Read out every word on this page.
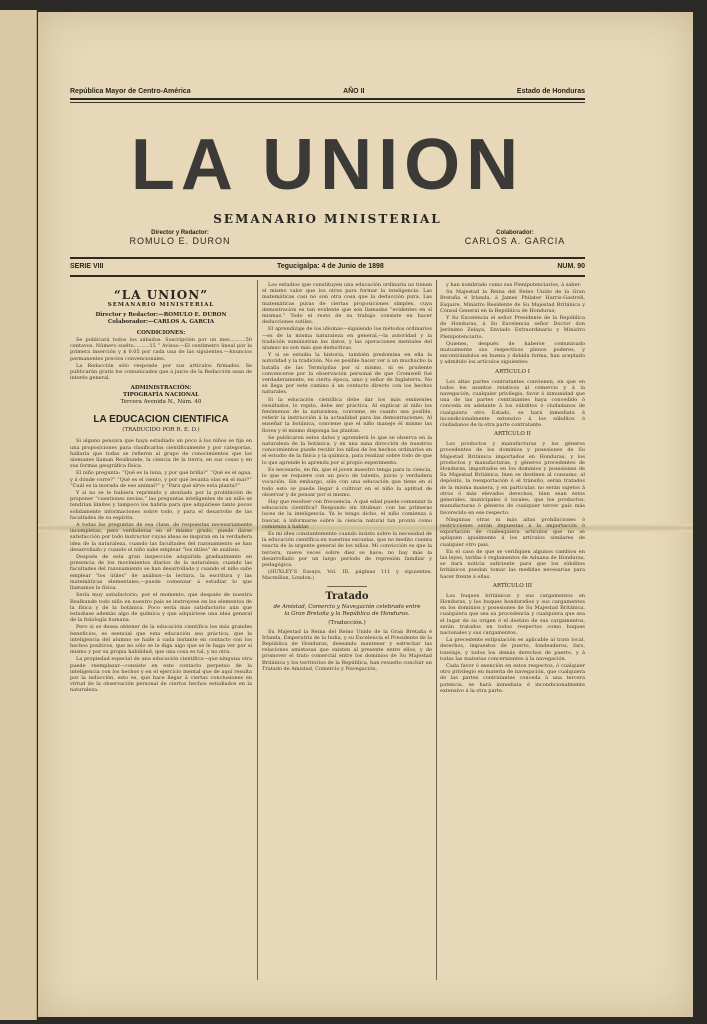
República Mayor de Centro-América	AÑO II	Estado de Honduras
LA UNION
SEMANARIO MINISTERIAL
Director y Redactor:
ROMULO E. DURON
Colaborador:
CARLOS A. GARCIA
SERIE VIII	Tegucigalpa: 4 de Junio de 1898	NUM. 90
“LA UNION”
SEMANARIO MINISTERIAL
Director y Redactor:—ROMULO E. DURON
Colaborador:—CARLOS A. GARCIA
CONDICIONES:

Se publicará todos los sábados. Suscripción por un mes..........50 centavos. Número suelto..........15 ” Avisos:—El centímetro lineal por la primera inserción y $ 0.05 por cada una de las siguientes.—Anuncios permanentes precios convencionales.

La Redacción sólo responde por sus artículos firmados. Se publicarán gratis los comunicados que á juicio de la Redacción sean de interés general.

ADMINISTRACIÓN:
TIPOGRAFÍA NACIONAL
Tercera Avenida N., Núm. 40
LA EDUCACION CIENTIFICA
(TRADUCIDO POR R. E. D.)

Si alguno pensara que haya estudiado un poco á los niños se fija en una proposiciones para clasificarlas científicamente y por categorías, hallaría que todas se refieren al grupo de conocimientos que los alemanes llaman Realkunde, la ciencia de la tierra, en sus cosas y en sus formas geográfica física.

El niño pregunta: “Qué es la luna, y por qué brilla?” “Qué es el agua, y á dónde corre?” “Qué es el viento, y por qué levanta olas en el mar?” “Cuál es la morada de ese animal?” y “Para qué sirve esta planta?”

Y si no se le hubiera reprimido y atontado por la prohibición de proponer “cuestiones necias,” las preguntas inteligentes de un niño se tendrían límites y tampoco los habría para que adquiriese tanto pocos solidamente informaciones sobre todo, y para el desarrollo de las facultades de su espíritu.

A todas las preguntas de esa clase, de respuestas necesariamente incompletas, pero verdaderas en el mismo grado, puede darse satisfacción por todo instructor cuyas ideas se inspiran en la verdadera idea de la naturaleza, cuando las facultades del razonamiento se han desarrollado y cuando el niño sabe emplear “los útiles” de análisis.

Después de esta gran inspección adquirida gradualmente en presencia de los movimientos diarios de la naturaleza, cuando las facultades del razonamiento se han desarrollado y cuando el niño sabe emplear “los útiles” de análisis—la lectura, la escritura y las matemáticas elementales,—puede comenzar á estudiar lo que llamamos la física.

Sería muy satisfactorio, por el momento, que después de nuestra Realkunde todo niño en nuestro país se instruyese en los elementos de la física y de la botánica. Poco sería más satisfactorio aún que estudiase además algo de química y que adquiriese una idea general de la fisiología humana.

Pero si se desea obtener de la educación científica los más grandes beneficios, es esencial que esta educación sea práctica, que la inteligencia del alumno se halle á cada instante en contacto con los hechos positivos, que no sólo se le diga algo que se le haga ver por sí mismo y por su propia habilidad, que una cosa es tal, y no otra.

La propiedad especial de una educación científica—que ninguna otra puede reemplazar—consiste en este contacto perpetuo de la inteligencia con los hechos y en el ejercicio mental que de aquí resulta por la inducción, esto es, que hace llegar á ciertas conclusiones en virtud de la observación personal de ciertos hechos estudiados en la naturaleza.

Los estudios que constituyen una educación ordinaria no tienen el mismo valor que los otros para formar la inteligencia. Las matemáticas casi no son otra cosa que la deducción pura. Las matemáticas puras de ciertas proposiciones simples, cuya demostración es tan evidente que son llamadas “evidentes en sí mismas.” Todo el resto de su trabajo consiste en hacer deducciones sutiles.

El aprendizaje de los idiomas—siguiendo los métodos ordinarios—es de la misma naturaleza en general,—la autoridad y la tradición suministran los datos, y las operaciones mentales del alumno no son más que deductivas.

Y si se estudia la historia, también predomina en ella la autoridad y la tradición. No es posible hacer ver á un muchacho la batalla de las Termópilas por sí mismo, ni es prudente convencerse por la observación personal de que Cromwell fué verdaderamente, en cierta época, amo y señor de Inglaterra. No se llega por este camino á un contacto directo con los hechos naturales.

Si la educación científica debe dar los más eminentes resultados, lo repito, debe ser práctica. Al explicar al niño los fenómenos de la naturaleza, conviene, en cuanto sea posible, referir la instrucción á la actualidad para las demostraciones. Al enseñar la botánica, conviene que el niño maneje él mismo las flores y él mismo disponga las plantas.

Se publicaron estos datos y aprenderá lo que se observa en la naturaleza de la botánica, y en una sana dirección de nuestros conocimientos puede recibir los niños de los hechos ordinarios en el estudio de la física y la química, para realizar sobre todo de que lo que aprende lo aprenda por sí propio experimento.

Es necesario, en fin, que el joven maestro tenga para la ciencia, lo que se requiere con un poco de talento, juicio y verdadera vocación. Sin embargo, sólo con una educación que tiene en sí todo esto se puede llegar á cultivar en el niño la aptitud de observar y de pensar por sí mismo.

Hay que resolver con frecuencia. A qué edad puede comenzar la educación científica? Respondo sin titubear: con las primeras luces de la inteligencia. Ya lo tengo dicho, el niño comienza á buscar, á informarse sobre la ciencia natural tan pronto como comienza á hablar.

Es mi idea constantemente cuando insisto sobre la necesidad de la educación científica en nuestras escuelas, que no medito cuenta exacta de la urgente general de los niños. Mi convicción es que la tercera, nueve veces sobre diez se hace; no hay más la desarrollado por un largo período de represión familiar y pedagógica.

(HUXLEY'S Essays, Vol. III, páginas 111 y siguientes. Macmillan, London.)

Tratado
de Amistad, Comercio y Navegación celebrado entre la Gran Bretaña y la República de Honduras.
(Traducción.)

Su Majestad la Reina del Reino Unido de la Gran Bretaña é Irlanda, Emperatriz de la India, y su Excelencia el Presidente de la República de Honduras, deseando mantener y estrechar las relaciones amistosas que existen al presente entre ellos, y de promover el trato comercial entre los dominios de Su Majestad Británica y los territorios de la República, han resuelto concluir un Tratado de Amistad, Comercio y Navegación,

y han nombrado como sus Plenipotenciarios, á saber:

Su Majestad la Reina del Reino Unido de la Gran Bretaña é Irlanda, á James Philater Harris-Gastrell, Esquire, Ministro Residente de Su Majestad Británica y Cónsul General en la República de Honduras;

Y Su Excelencia el señor Presidente de la República de Honduras, á Su Excelencia señor Doctor don Jerónimo Zelaya, Enviado Extraordinario y Ministro Plenipotenciario.

Quienes, después de haberse comunicado mutuamente sus respectivos plenos poderes, y encontrándolos en buena y debida forma, han aceptado y admitido los artículos siguientes:

ARTÍCULO I

Los altas partes contratantes convienen, en que en todos los asuntos relativos al comercio y á la navegación, cualquier privilegio, favor ó inmunidad que una de las partes contratantes haya concedido ó conceda en adelante á los súbditos ó ciudadanos de cualquiera otro Estado, se hará inmediata é incondicionalmente extensivo á los súbditos ó ciudadanos de la otra parte contratante.

ARTÍCULO II

Los productos y manufacturas y los géneros procedentes de los dominios y posesiones de Su Majestad Británica importados en Honduras, y los productos y manufacturas, y géneros procedentes de Honduras, importados en los dominios y posesiones de Su Majestad Británica, bien se destinen al consumo, al depósito, la reexportación ó el tránsito, serán tratados de la misma manera, y en particular, no serán sujetos á otros ó más elevados derechos, bien sean éstos generales, municipales ó locales, que los productos, manufacturas ó géneros de cualquier tercer país más favorecido en ese respecto.

Ningunas otras ni más altas prohibiciones ó restricciones serán impuestas á la importación ó exportación de cualesquiera artículos que no se apliquen igualmente á los artículos similares de cualquier otro país.

En el caso de que se verifiquen algunos cambios en las leyes, tarifas ó reglamentos de Aduana de Honduras, se dará noticia suficiente para que los súbditos británicos puedan tomar las medidas necesarias para hacer frente á ellas.

ARTÍCULO III

Los buques británicos y sus cargamentos en Honduras, y los buques hondureños y sus cargamentos en los dominios y posesiones de Su Majestad Británica, cualquiera que sea su procedencia y cualquiera que sea el lugar de su origen ó el destino de sus cargamentos, serán tratados en todos respectos como buques nacionales y sus cargamentos.

La precedente estipulación es aplicable al trato local, derechos, impuestos de puerto, fondeaderos, faro, tonelaje, y todos los demás derechos de puerto, y á todas las materias concernientes á la navegación.

Cada favor ó exención en estos respectos, ó cualquier otro privilegio en materia de navegación, que cualquiera de las partes contratantes conceda á una tercera potencia, se hará inmediata é incondicionalmente extensivo á la otra parte.
